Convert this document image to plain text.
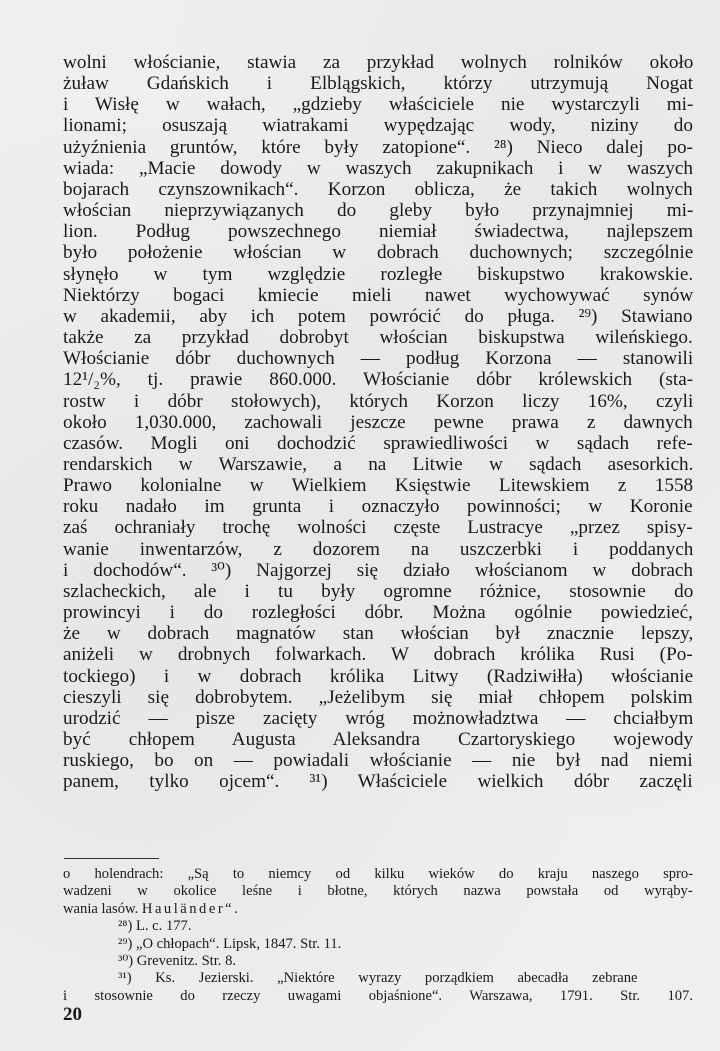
wolni włościanie, stawia za przykład wolnych rolników około
żuław Gdańskich i Elblągskich, którzy utrzymują Nogat
i Wisłę w wałach, „gdzieby właściciele nie wystarczyli mi-
lionami; osuszają wiatrakami wypędzając wody, niziny do
użyźnienia gruntów, które były zatopione“. ²⁸) Nieco dalej po-
wiada: „Macie dowody w waszych zakupnikach i w waszych
bojarach czynszownikach“. Korzon oblicza, że takich wolnych
włościan nieprzywiązanych do gleby było przynajmniej mi-
lion. Podług powszechnego niemiał świadectwa, najlepszem
było położenie włościan w dobrach duchownych; szczególnie
słynęło w tym względzie rozległe biskupstwo krakowskie.
Niektórzy bogaci kmiecie mieli nawet wychowywać synów
w akademii, aby ich potem powrócić do pługa. ²⁹) Stawiano
także za przykład dobrobyt włościan biskupstwa wileńskiego.
Włościanie dóbr duchownych — podług Korzona — stanowili
12¹/₂%, tj. prawie 860.000. Włościanie dóbr królewskich (sta-
rostw i dóbr stołowych), których Korzon liczy 16%, czyli
około 1,030.000, zachowali jeszcze pewne prawa z dawnych
czasów. Mogli oni dochodzić sprawiedliwości w sądach refe-
rendarskich w Warszawie, a na Litwie w sądach asesorkich.
Prawo kolonialne w Wielkiem Księstwie Litewskiem z 1558
roku nadało im grunta i oznaczyło powinności; w Koronie
zaś ochraniały trochę wolności częste Lustracye „przez spisy-
wanie inwentarzów, z dozorem na uszczerbki i poddanych
i dochodów“. ³⁰) Najgorzej się działo włościanom w dobrach
szlacheckich, ale i tu były ogromne różnice, stosownie do
prowincyi i do rozległości dóbr. Można ogólnie powiedzieć,
że w dobrach magnatów stan włościan był znacznie lepszy,
aniżeli w drobnych folwarkach. W dobrach królika Rusi (Po-
tockiego) i w dobrach królika Litwy (Radziwiłła) włościanie
cieszyli się dobrobytem. „Jeżelibym się miał chłopem polskim
urodzić — pisze zacięty wróg możnowładztwa — chciałbym
być chłopem Augusta Aleksandra Czartoryskiego wojewody
ruskiego, bo on — powiadali włościanie — nie był nad niemi
panem, tylko ojcem“. ³¹) Właściciele wielkich dóbr zaczęli
o holendrach: „Są to niemcy od kilku wieków do kraju naszego spro-
wadzeni w okolice leśne i błotne, których nazwa powstała od wyrąby-
wania lasów. Hauländer“.
²⁸) L. c. 177.
²⁹) „O chłopach“. Lipsk, 1847. Str. 11.
³⁰) Grevenitz. Str. 8.
³¹) Ks. Jezierski. „Niektóre wyrazy porządkiem abecadła zebrane
i stosownie do rzeczy uwagami objaśnione“. Warszawa, 1791. Str. 107.
20
